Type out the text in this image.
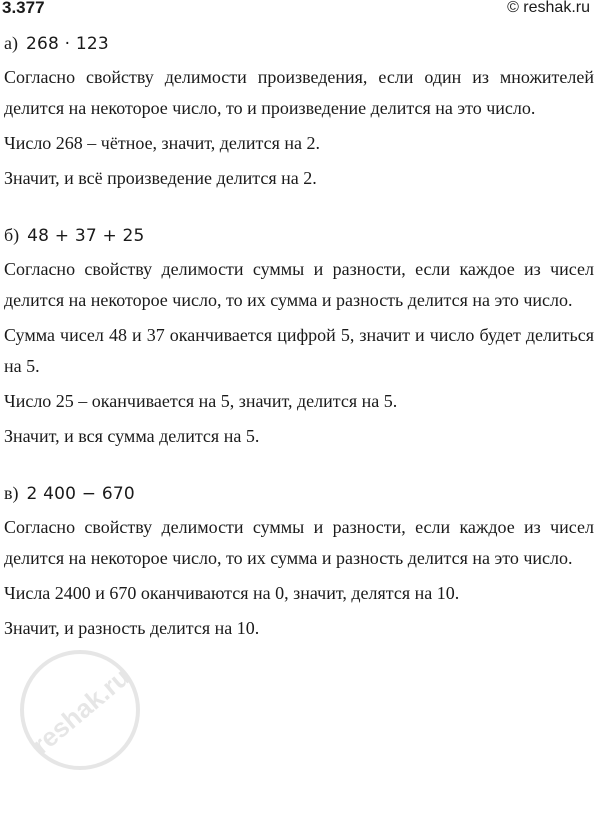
3.377	© reshak.ru
а) 268 · 123

Согласно свойству делимости произведения, если один из множителей делится на некоторое число, то и произведение делится на это число.

Число 268 – чётное, значит, делится на 2.

Значит, и всё произведение делится на 2.

б) 48 + 37 + 25

Согласно свойству делимости суммы и разности, если каждое из чисел делится на некоторое число, то их сумма и разность делится на это число.

Сумма чисел 48 и 37 оканчивается цифрой 5, значит и число будет делиться на 5.

Число 25 – оканчивается на 5, значит, делится на 5.

Значит, и вся сумма делится на 5.

в) 2 400 − 670

Согласно свойству делимости суммы и разности, если каждое из чисел делится на некоторое число, то их сумма и разность делится на это число.

Числа 2400 и 670 оканчиваются на 0, значит, делятся на 10.

Значит, и разность делится на 10.

reshak.ru
